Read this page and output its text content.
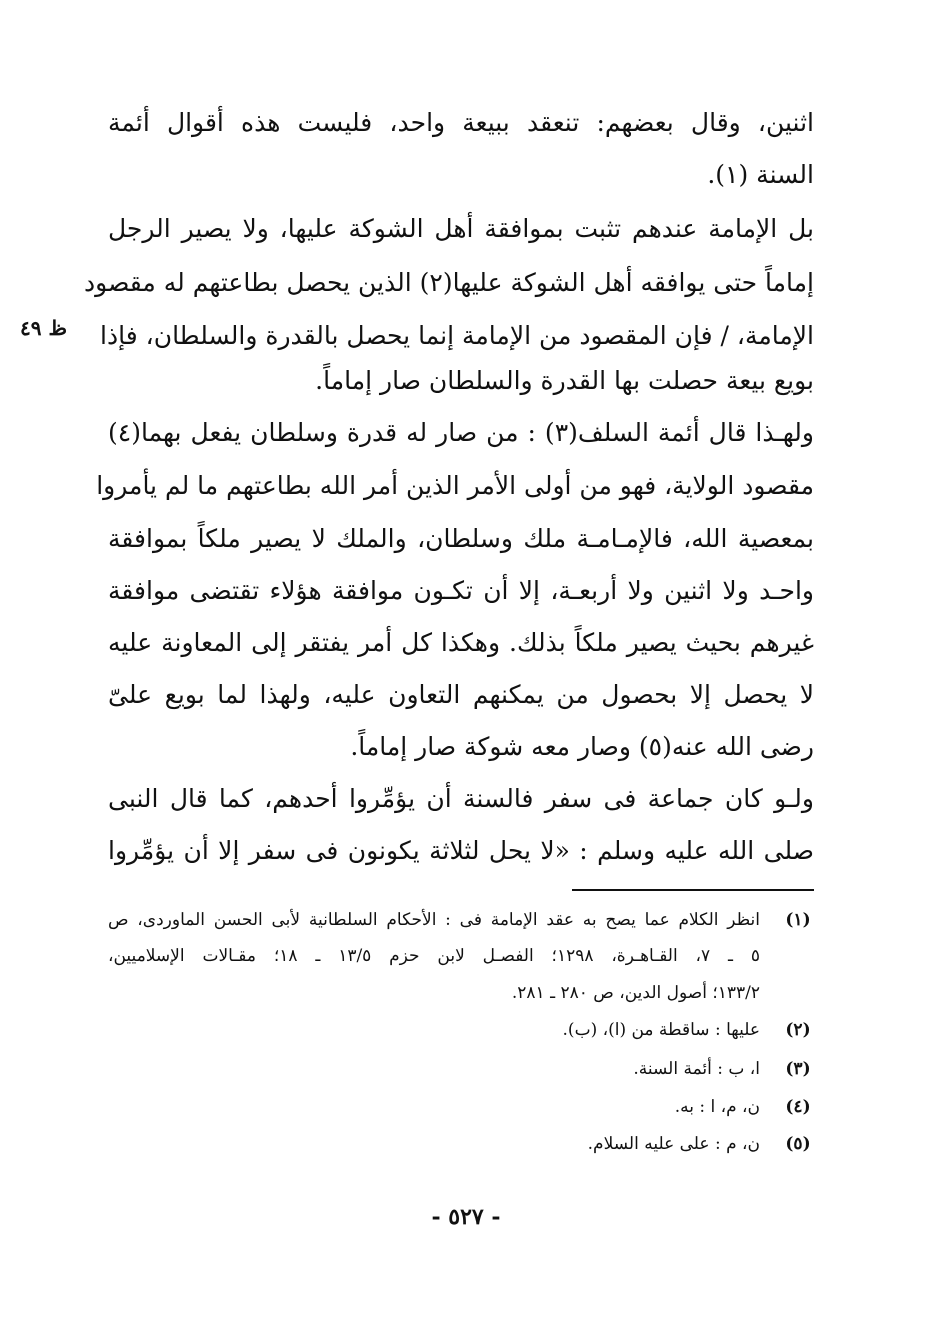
اثنين، وقال بعضهم: تنعقد ببيعة واحد، فليست هذه أقوال أئمة
السنة (١).
بل الإمامة عندهم تثبت بموافقة أهل الشوكة عليها، ولا يصير الرجل
إماماً حتى يوافقه أهل الشوكة عليها(٢) الذين يحصل بطاعتهم له مقصود
الإمامة، / فإن المقصود من الإمامة إنما يحصل بالقدرة والسلطان، فإذا
بويع بيعة حصلت بها القدرة والسلطان صار إماماً.
ولهـذا قال أئمة السلف(٣) : من صار له قدرة وسلطان يفعل بهما(٤)
مقصود الولاية، فهو من أولى الأمر الذين أمر الله بطاعتهم ما لم يأمروا
بمعصية الله، فالإمـامـة ملك وسلطان، والملك لا يصير ملكاً بموافقة
واحـد ولا اثنين ولا أربعـة، إلا أن تكـون موافقة هؤلاء تقتضى موافقة
غيرهم بحيث يصير ملكاً بذلك. وهكذا كل أمر يفتقر إلى المعاونة عليه
لا يحصل إلا بحصول من يمكنهم التعاون عليه، ولهذا لما بويع علىّ
رضى الله عنه(٥) وصار معه شوكة صار إماماً.
ولـو كان جماعة فى سفر فالسنة أن يؤمِّروا أحدهم، كما قال النبى
صلى الله عليه وسلم : «لا يحل لثلاثة يكونون فى سفر إلا أن يؤمِّروا
ظ ٤٩
(١)
انظر الكلام عما يصح به عقد الإمامة فى : الأحكام السلطانية لأبى الحسن الماوردى، ص
٥ ـ ٧، القـاهـرة، ١٢٩٨؛ الفصـل لابن حزم ١٣/٥ ـ ١٨؛ مقـالات الإسلاميين،
١٣٣/٢؛ أصول الدين، ص ٢٨٠ ـ ٢٨١.
(٢)
عليها : ساقطة من (ا)، (ب).
(٣)
ا، ب : أئمة السنة.
(٤)
ن، م، ا : به.
(٥)
ن، م : على عليه السلام.
- ٥٢٧ -
